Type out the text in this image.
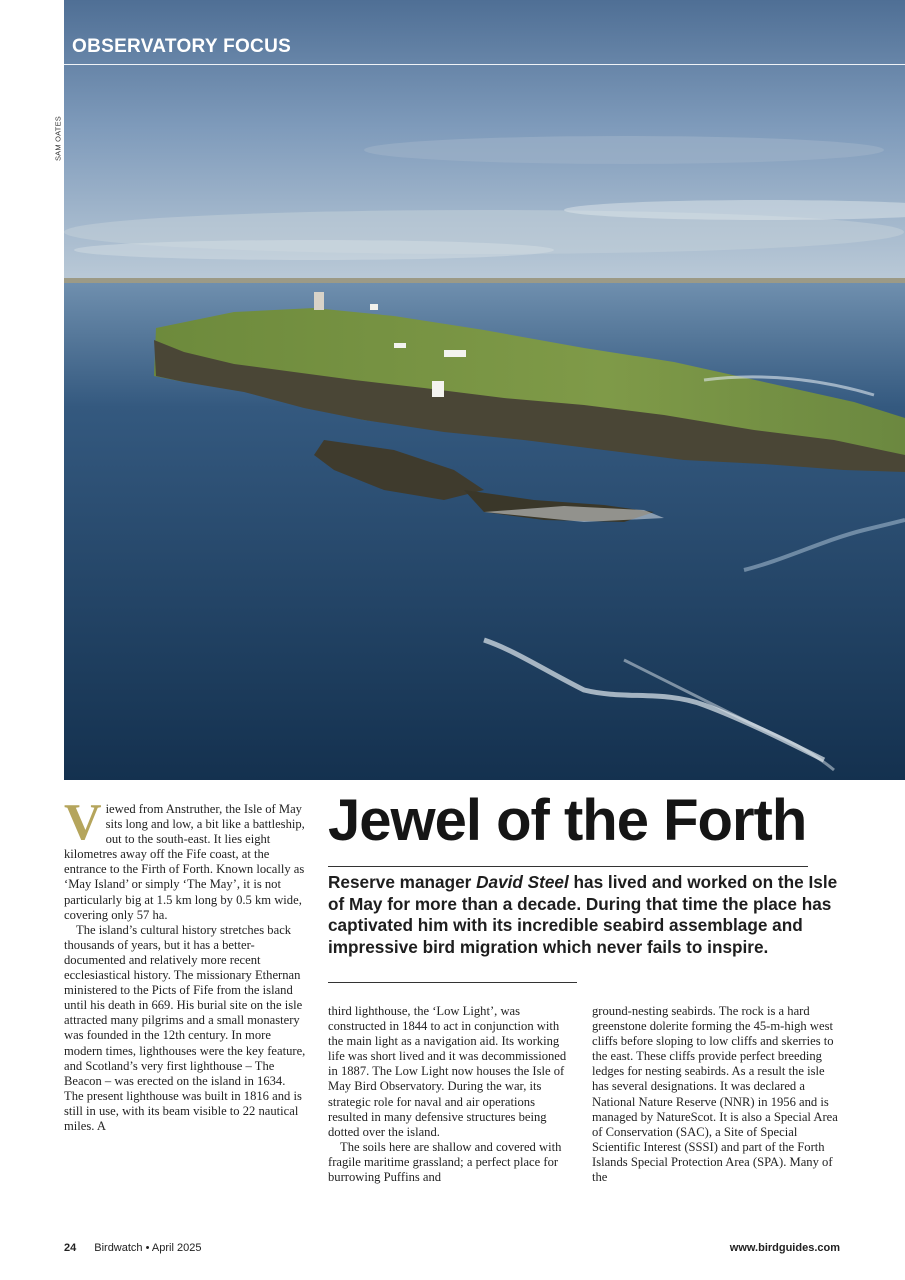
OBSERVATORY FOCUS
SAM OATES
Jewel of the Forth
Reserve manager David Steel has lived and worked on the Isle of May for more than a decade. During that time the place has captivated him with its incredible seabird assemblage and impressive bird migration which never fails to inspire.

Viewed from Anstruther, the Isle of May sits long and low, a bit like a battleship, out to the south-east. It lies eight kilometres away off the Fife coast, at the entrance to the Firth of Forth. Known locally as ‘May Island’ or simply ‘The May’, it is not particularly big at 1.5 km long by 0.5 km wide, covering only 57 ha.

The island’s cultural history stretches back thousands of years, but it has a better-documented and relatively more recent ecclesiastical history. The missionary Ethernan ministered to the Picts of Fife from the island until his death in 669. His burial site on the isle attracted many pilgrims and a small monastery was founded in the 12th century. In more modern times, lighthouses were the key feature, and Scotland’s very first lighthouse – The Beacon – was erected on the island in 1634. The present lighthouse was built in 1816 and is still in use, with its beam visible to 22 nautical miles. A

third lighthouse, the ‘Low Light’, was constructed in 1844 to act in conjunction with the main light as a navigation aid. Its working life was short lived and it was decommissioned in 1887. The Low Light now houses the Isle of May Bird Observatory. During the war, its strategic role for naval and air operations resulted in many defensive structures being dotted over the island.

The soils here are shallow and covered with fragile maritime grassland; a perfect place for burrowing Puffins and

ground-nesting seabirds. The rock is a hard greenstone dolerite forming the 45-m-high west cliffs before sloping to low cliffs and skerries to the east. These cliffs provide perfect breeding ledges for nesting seabirds. As a result the isle has several designations. It was declared a National Nature Reserve (NNR) in 1956 and is managed by NatureScot. It is also a Special Area of Conservation (SAC), a Site of Special Scientific Interest (SSSI) and part of the Forth Islands Special Protection Area (SPA). Many of the

24 Birdwatch • April 2025	www.birdguides.com
